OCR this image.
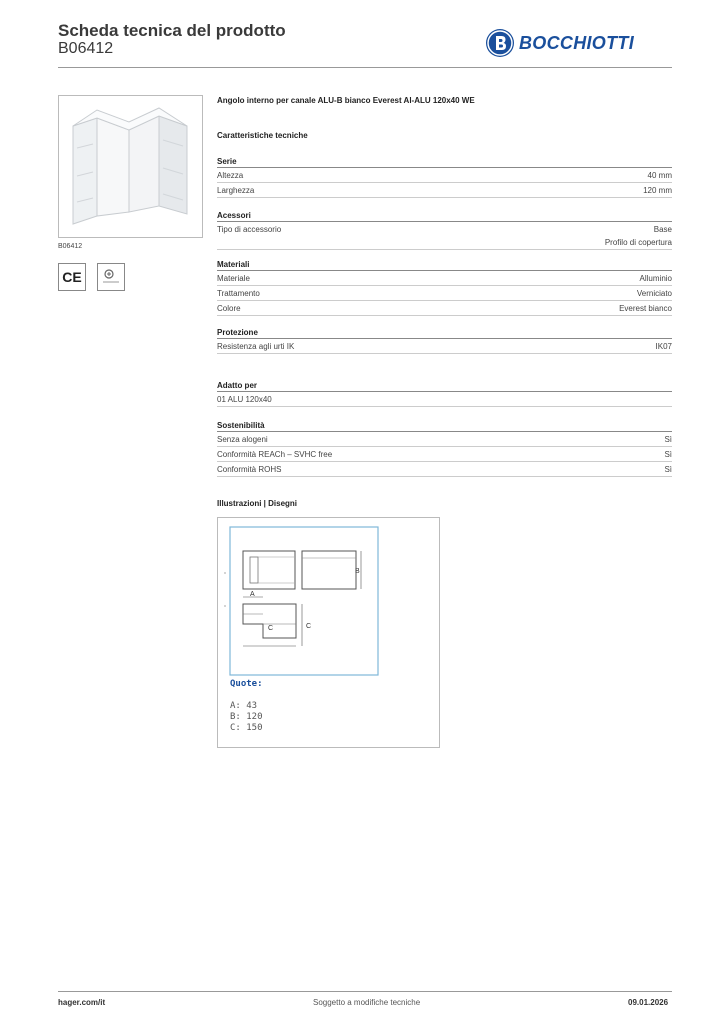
Scheda tecnica del prodotto
B06412	BOCCHIOTTI
B06412
CE
Angolo interno per canale ALU-B bianco Everest Al-ALU 120x40 WE
Caratteristiche tecniche
Serie
Altezza	40 mm
Larghezza	120 mm
Acessori
Tipo di accessorio	Base
Profilo di copertura
Materiali
Materiale	Alluminio
Trattamento	Verniciato
Colore	Everest bianco
Protezione
Resistenza agli urti IK	IK07
Adatto per
01 ALU 120x40
Sostenibilità
Senza alogeni	Sì
Conformità REACh – SVHC free	Sì
Conformità ROHS	Sì
Illustrazioni | Disegni
B
A
C	C
Quote:
A: 43
B: 120
C: 150
hager.com/it	Soggetto a modifiche tecniche	09.01.2026
